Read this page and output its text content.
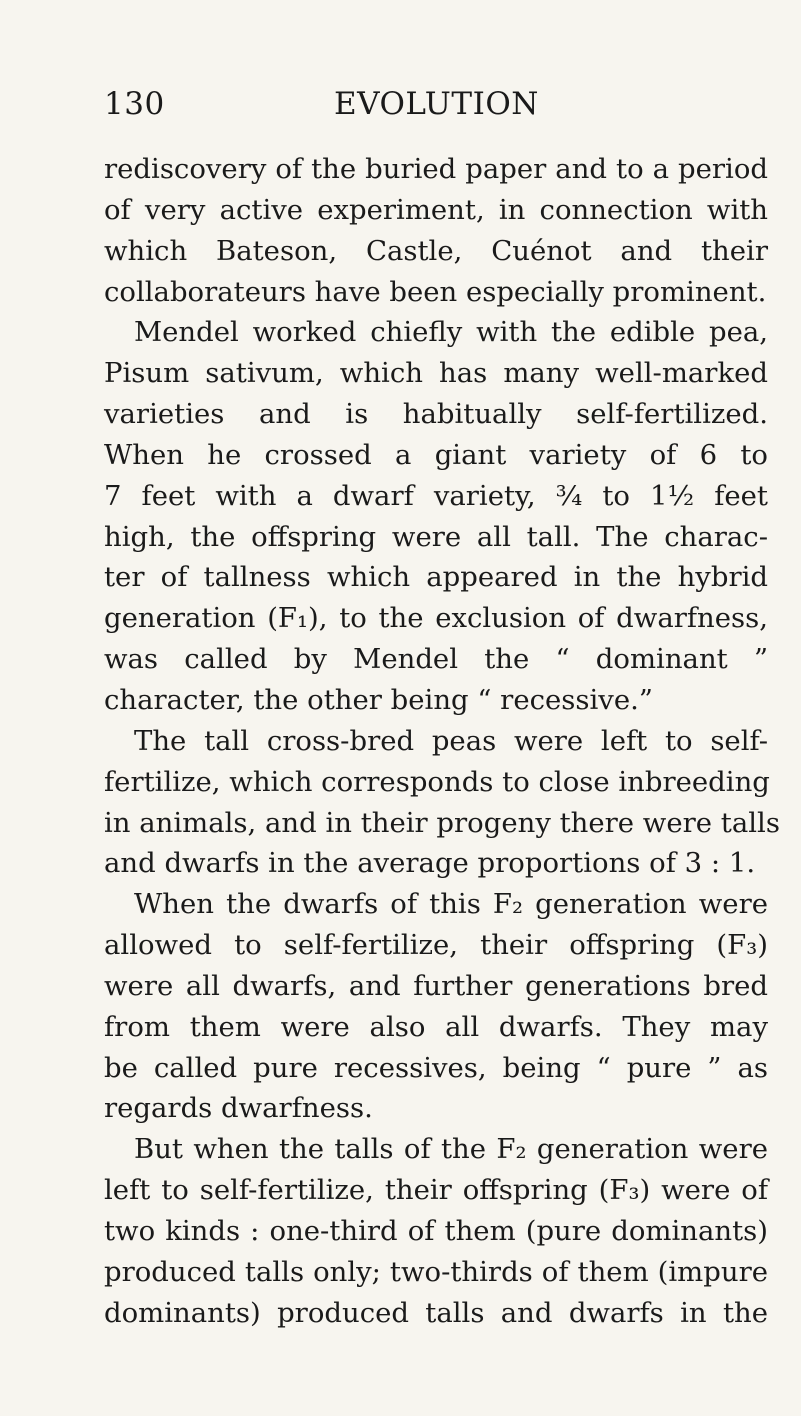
130	EVOLUTION
rediscovery of the buried paper and to a period
of very active experiment, in connection with
which Bateson, Castle, Cuénot and their
collaborateurs have been especially prominent.
Mendel worked chiefly with the edible pea,
Pisum sativum, which has many well-marked
varieties and is habitually self-fertilized.
When he crossed a giant variety of 6 to
7 feet with a dwarf variety, ¾ to 1½ feet
high, the offspring were all tall. The charac-
ter of tallness which appeared in the hybrid
generation (F₁), to the exclusion of dwarfness,
was called by Mendel the “ dominant ”
character, the other being “ recessive.”
The tall cross-bred peas were left to self-
fertilize, which corresponds to close inbreeding
in animals, and in their progeny there were talls
and dwarfs in the average proportions of 3 : 1.
When the dwarfs of this F₂ generation were
allowed to self-fertilize, their offspring (F₃)
were all dwarfs, and further generations bred
from them were also all dwarfs. They may
be called pure recessives, being “ pure ” as
regards dwarfness.
But when the talls of the F₂ generation were
left to self-fertilize, their offspring (F₃) were of
two kinds : one-third of them (pure dominants)
produced talls only; two-thirds of them (impure
dominants) produced talls and dwarfs in the
